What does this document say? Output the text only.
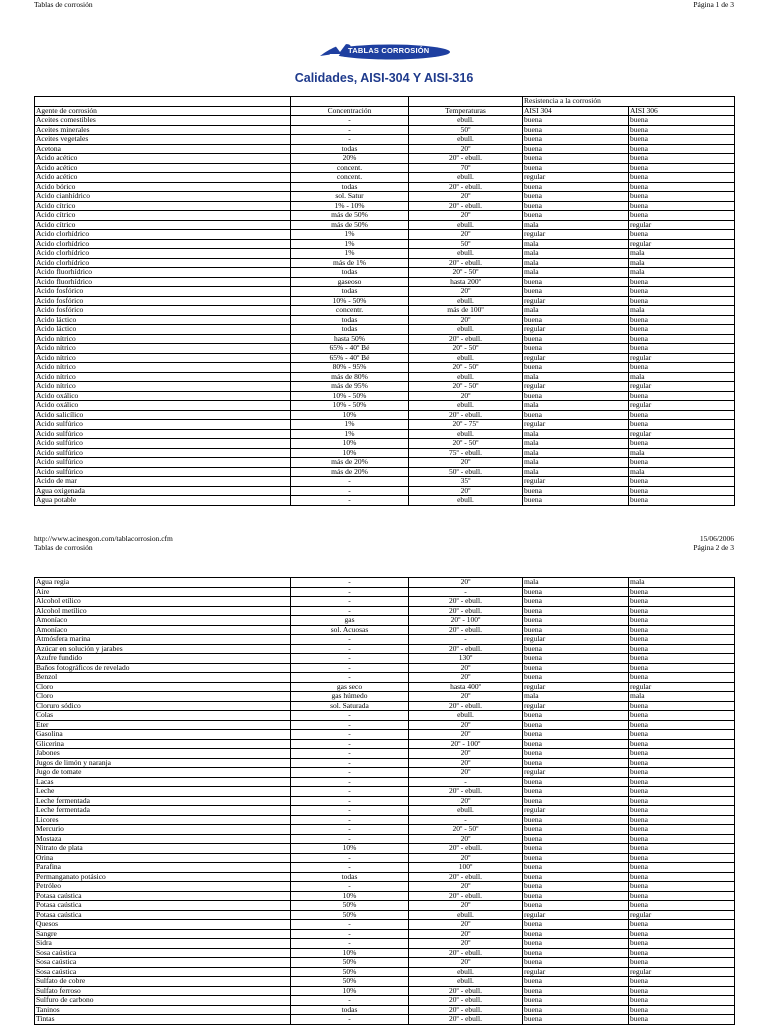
Tablas de corrosión	Página 1 de 3
TABLAS CORROSIÓN
Calidades, AISI-304 Y AISI-316
			Resistencia a la corrosión	
Agente de corrosión	Concentración	Temperaturas	AISI 304	AISI 306
Aceites comestibles	-	ebull.	buena	buena
Aceites minerales	-	50º	buena	buena
Aceites vegetales	-	ebull.	buena	buena
Acetona	todas	20º	buena	buena
Acido acético	20%	20º - ebull.	buena	buena
Acido acético	concent.	70º	buena	buena
Acido acético	concent.	ebull.	regular	buena
Acido bórico	todas	20º - ebull.	buena	buena
Acido cianhídrico	sol. Satur	20º	buena	buena
Acido cítrico	1% - 10%	20º - ebull.	buena	buena
Acido cítrico	más de 50%	20º	buena	buena
Acido cítrico	más de 50%	ebull.	mala	regular
Acido clorhídrico	1%	20º	regular	buena
Acido clorhídrico	1%	50º	mala	regular
Acido clorhídrico	1%	ebull.	mala	mala
Acido clorhídrico	más de 1%	20º - ebull.	mala	mala
Acido fluorhídrico	todas	20º - 50º	mala	mala
Acido fluorhídrico	gaseoso	hasta 200º	buena	buena
Acido fosfórico	todas	20º	buena	buena
Acido fosfórico	10% - 50%	ebull.	regular	buena
Acido fosfórico	concentr.	más de 100º	mala	mala
Acido láctico	todas	20º	buena	buena
Acido láctico	todas	ebull.	regular	buena
Acido nítrico	hasta 50%	20º - ebull.	buena	buena
Acido nítrico	65% - 40º Bé	20º - 50º	buena	buena
Acido nítrico	65% - 40º Bé	ebull.	regular	regular
Acido nítrico	80% - 95%	20º - 50º	buena	buena
Acido nítrico	más de 80%	ebull.	mala	mala
Acido nítrico	más de 95%	20º - 50º	regular	regular
Acido oxálico	10% - 50%	20º	buena	buena
Acido oxálico	10% - 50%	ebull.	mala	regular
Acido salicílico	10%	20º - ebull.	buena	buena
Acido sulfúrico	1%	20º - 75º	regular	buena
Acido sulfúrico	1%	ebull.	mala	regular
Acido sulfúrico	10%	20º - 50º	mala	buena
Acido sulfúrico	10%	75º - ebull.	mala	mala
Acido sulfúrico	más de 20%	20º	mala	buena
Acido sulfúrico	más de 20%	50º - ebull.	mala	mala
Acido de mar	-	35º	regular	buena
Agua oxigenada	-	20º	buena	buena
Agua potable	-	ebull.	buena	buena
http://www.acinesgon.com/tablacorrosion.cfm	15/06/2006
Tablas de corrosión	Página 2 de 3
Agua regia	-	20º	mala	mala
Aire	-	-	buena	buena
Alcohol etílico	-	20º - ebull.	buena	buena
Alcohol metílico	-	20º - ebull.	buena	buena
Amoníaco	gas	20º - 100º	buena	buena
Amoníaco	sol. Acuosas	20º - ebull.	buena	buena
Atmósfera marina	-	-	regular	buena
Azúcar en solución y jarabes	-	20º - ebull.	buena	buena
Azufre fundido	-	130º	buena	buena
Baños fotográficos de revelado	-	20º	buena	buena
Benzol	-	20º	buena	buena
Cloro	gas seco	hasta 400º	regular	regular
Cloro	gas húmedo	20º	mala	mala
Cloruro sódico	sol. Saturada	20º - ebull.	regular	buena
Colas	-	ebull.	buena	buena
Eter	-	20º	buena	buena
Gasolina	-	20º	buena	buena
Glicerina	-	20º - 100º	buena	buena
Jabones	-	20º	buena	buena
Jugos de limón y naranja	-	20º	buena	buena
Jugo de tomate	-	20º	regular	buena
Lacas	-	-	buena	buena
Leche	-	20º - ebull.	buena	buena
Leche fermentada	-	20º	buena	buena
Leche fermentada	-	ebull.	regular	buena
Licores	-	-	buena	buena
Mercurio	-	20º - 50º	buena	buena
Mostaza	-	20º	buena	buena
Nitrato de plata	10%	20º - ebull.	buena	buena
Orina	-	20º	buena	buena
Parafina	-	100º	buena	buena
Permanganato potásico	todas	20º - ebull.	buena	buena
Petróleo	-	20º	buena	buena
Potasa caústica	10%	20º - ebull.	buena	buena
Potasa caústica	50%	20º	buena	buena
Potasa caústica	50%	ebull.	regular	regular
Quesos	-	20º	buena	buena
Sangre	-	20º	buena	buena
Sidra	-	20º	buena	buena
Sosa caústica	10%	20º - ebull.	buena	buena
Sosa caústica	50%	20º	buena	buena
Sosa caústica	50%	ebull.	regular	regular
Sulfato de cobre	50%	ebull.	buena	buena
Sulfato ferroso	10%	20º - ebull.	buena	buena
Sulfuro de carbono	-	20º - ebull.	buena	buena
Taninos	todas	20º - ebull.	buena	buena
Tintas	-	20º - ebull.	buena	buena
